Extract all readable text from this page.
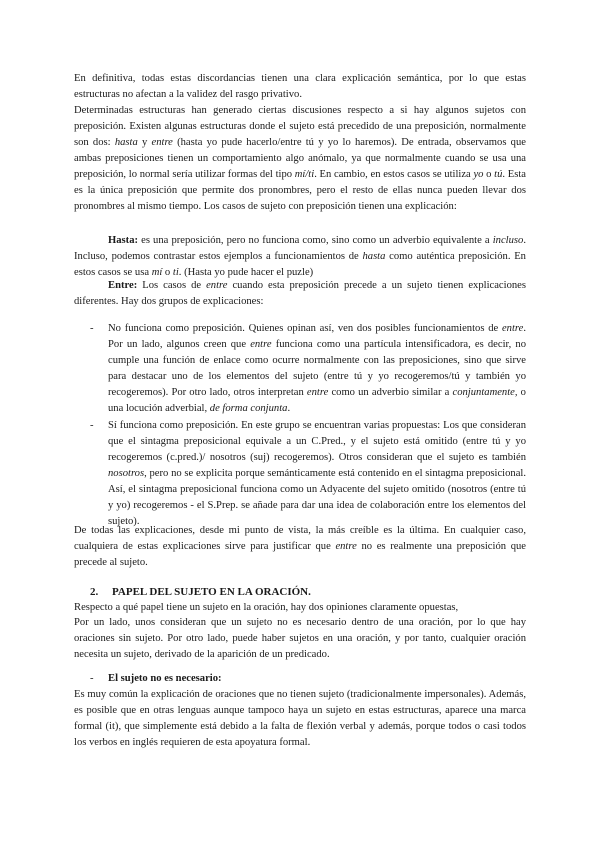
En definitiva, todas estas discordancias tienen una clara explicación semántica, por lo que estas estructuras no afectan a la validez del rasgo privativo.

Determinadas estructuras han generado ciertas discusiones respecto a si hay algunos sujetos con preposición. Existen algunas estructuras donde el sujeto está precedido de una preposición, normalmente son dos: hasta y entre (hasta yo pude hacerlo/entre tú y yo lo haremos). De entrada, observamos que ambas preposiciones tienen un comportamiento algo anómalo, ya que normalmente cuando se usa una preposición, lo normal sería utilizar formas del tipo mí/ti. En cambio, en estos casos se utiliza yo o tú. Esta es la única preposición que permite dos pronombres, pero el resto de ellas nunca pueden llevar dos pronombres al mismo tiempo. Los casos de sujeto con preposición tienen una explicación:

Hasta: es una preposición, pero no funciona como, sino como un adverbio equivalente a incluso. Incluso, podemos contrastar estos ejemplos a funcionamientos de hasta como auténtica preposición. En estos casos se usa mí o ti. (Hasta yo pude hacer el puzle)

Entre: Los casos de entre cuando esta preposición precede a un sujeto tienen explicaciones diferentes. Hay dos grupos de explicaciones:

- No funciona como preposición. Quienes opinan así, ven dos posibles funcionamientos de entre. Por un lado, algunos creen que entre funciona como una partícula intensificadora, es decir, no cumple una función de enlace como ocurre normalmente con las preposiciones, sino que sirve para destacar uno de los elementos del sujeto (entre tú y yo recogeremos/tú y también yo recogeremos). Por otro lado, otros interpretan entre como un adverbio similar a conjuntamente, o una locución adverbial, de forma conjunta.

- Sí funciona como preposición. En este grupo se encuentran varias propuestas: Los que consideran que el sintagma preposicional equivale a un C.Pred., y el sujeto está omitido (entre tú y yo recogeremos (c.pred.)/ nosotros (suj) recogeremos). Otros consideran que el sujeto es también nosotros, pero no se explicita porque semánticamente está contenido en el sintagma preposicional. Así, el sintagma preposicional funciona como un Adyacente del sujeto omitido (nosotros (entre tú y yo) recogeremos - el S.Prep. se añade para dar una idea de colaboración entre los elementos del sujeto).

De todas las explicaciones, desde mi punto de vista, la más creíble es la última. En cualquier caso, cualquiera de estas explicaciones sirve para justificar que entre no es realmente una preposición que precede al sujeto.

2. PAPEL DEL SUJETO EN LA ORACIÓN.

Respecto a qué papel tiene un sujeto en la oración, hay dos opiniones claramente opuestas,

Por un lado, unos consideran que un sujeto no es necesario dentro de una oración, por lo que hay oraciones sin sujeto. Por otro lado, puede haber sujetos en una oración, y por tanto, cualquier oración necesita un sujeto, derivado de la aparición de un predicado.

- El sujeto no es necesario:

Es muy común la explicación de oraciones que no tienen sujeto (tradicionalmente impersonales). Además, es posible que en otras lenguas aunque tampoco haya un sujeto en estas estructuras, aparece una marca formal (it), que simplemente está debido a la falta de flexión verbal y además, porque todos o casi todos los verbos en inglés requieren de esta apoyatura formal.
